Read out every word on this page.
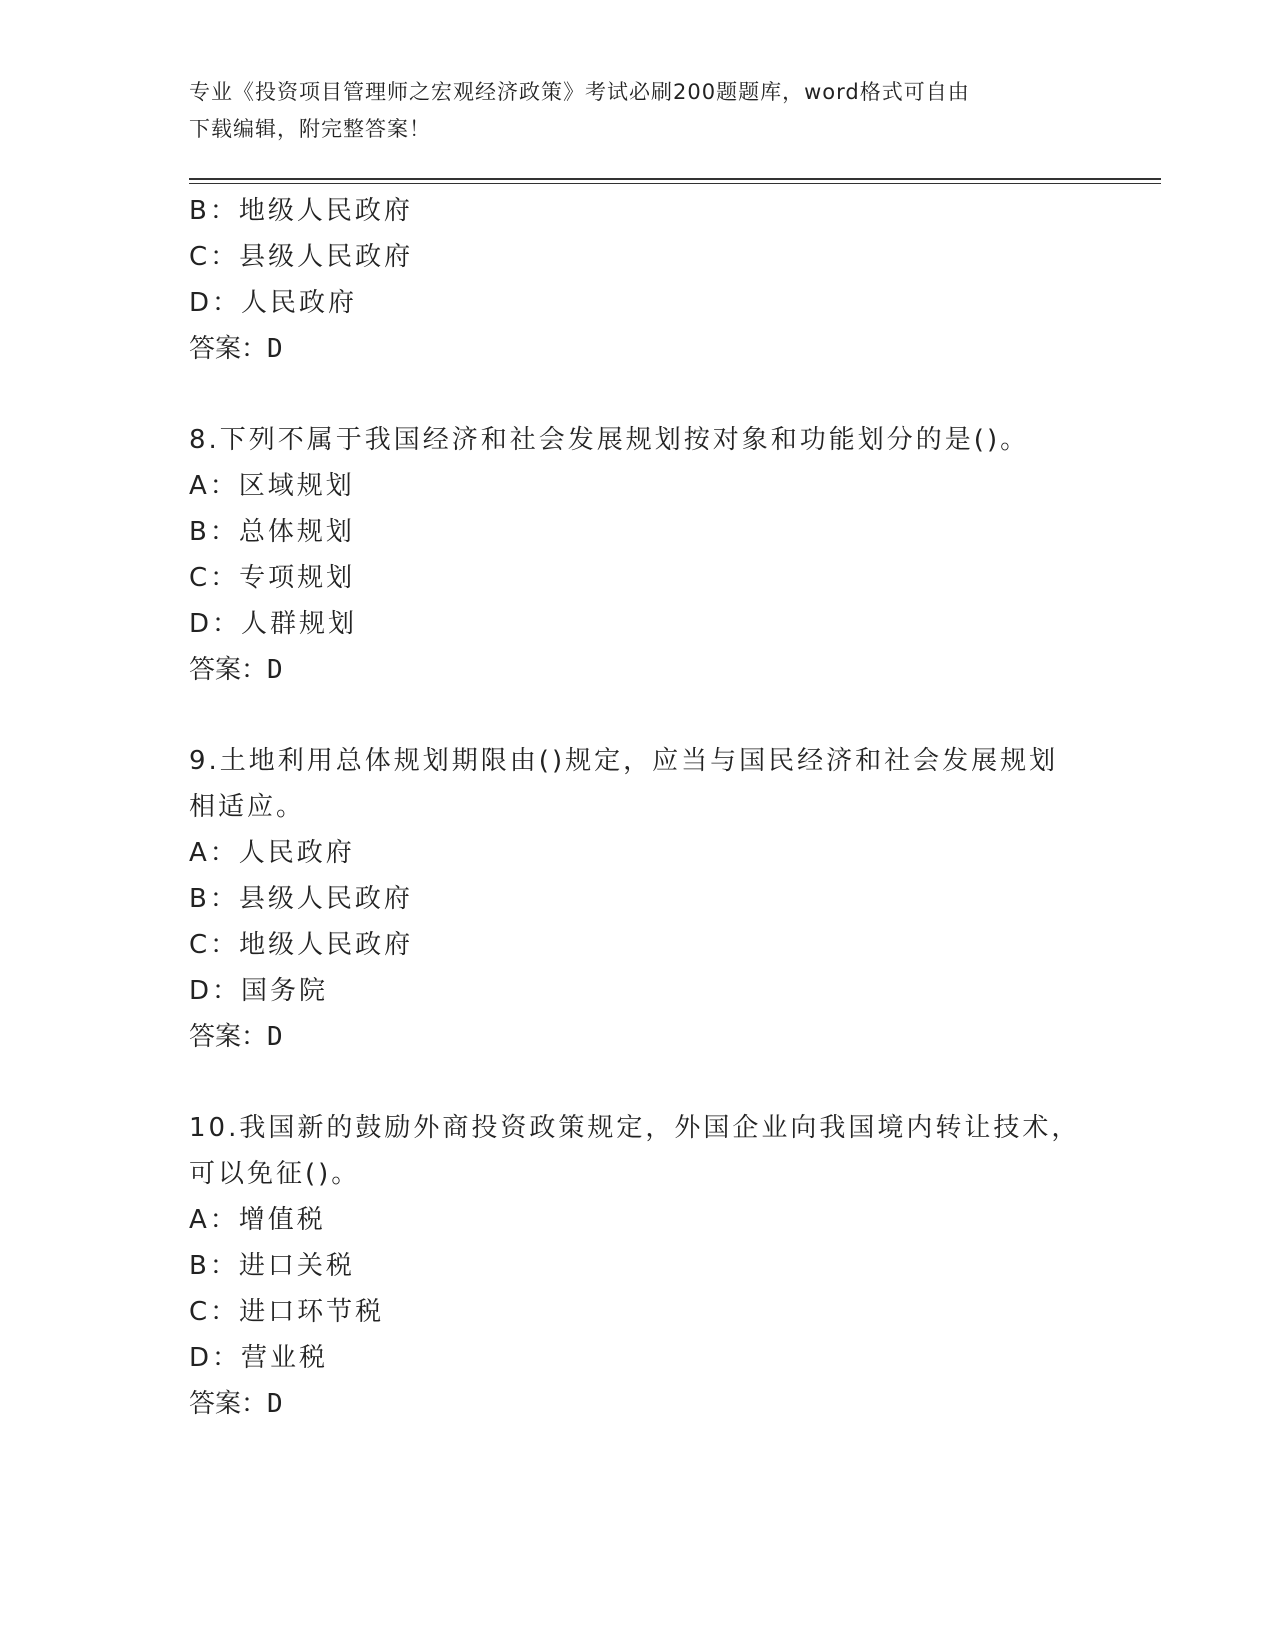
专业《投资项目管理师之宏观经济政策》考试必刷200题题库，word格式可自由
下载编辑，附完整答案！
B：地级人民政府
C：县级人民政府
D：人民政府
答案：D
8.下列不属于我国经济和社会发展规划按对象和功能划分的是()。
A：区域规划
B：总体规划
C：专项规划
D：人群规划
答案：D
9.土地利用总体规划期限由()规定，应当与国民经济和社会发展规划
相适应。
A：人民政府
B：县级人民政府
C：地级人民政府
D：国务院
答案：D
10.我国新的鼓励外商投资政策规定，外国企业向我国境内转让技术，
可以免征()。
A：增值税
B：进口关税
C：进口环节税
D：营业税
答案：D
